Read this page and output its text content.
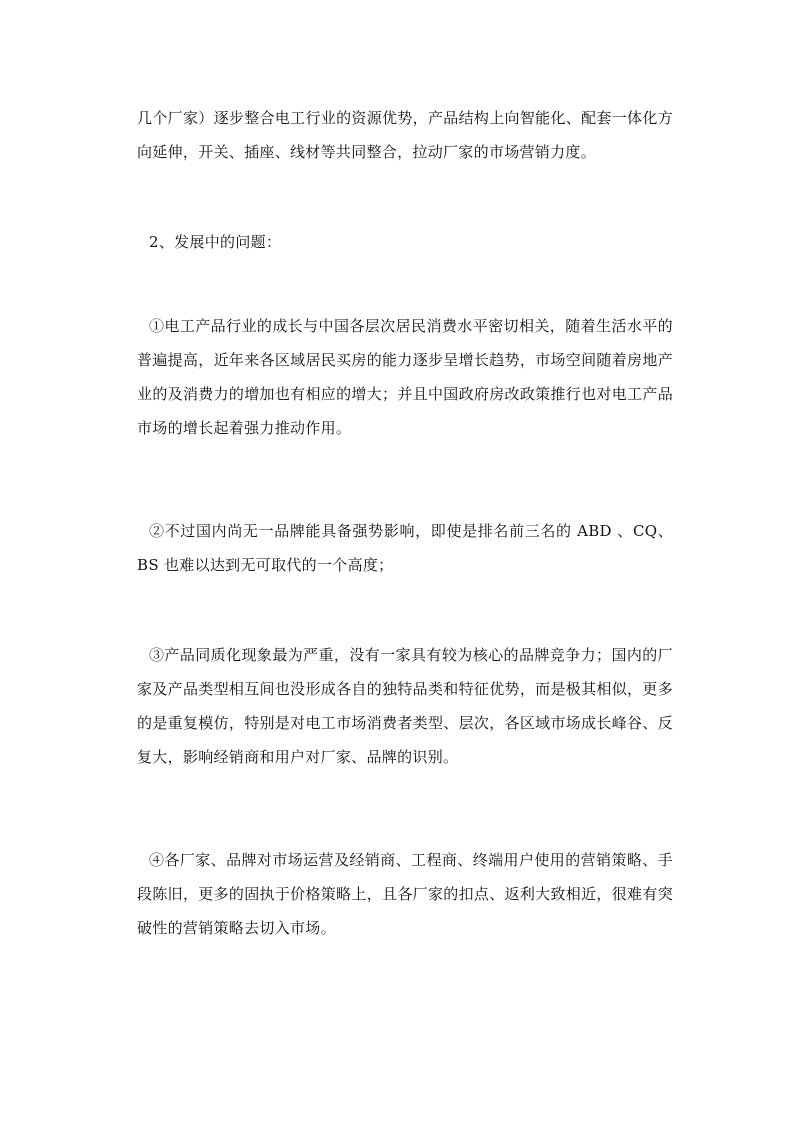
几个厂家）逐步整合电工行业的资源优势，产品结构上向智能化、配套一体化方向延伸，开关、插座、线材等共同整合，拉动厂家的市场营销力度。

2、发展中的问题：

①电工产品行业的成长与中国各层次居民消费水平密切相关，随着生活水平的普遍提高，近年来各区域居民买房的能力逐步呈增长趋势，市场空间随着房地产业的及消费力的增加也有相应的增大；并且中国政府房改政策推行也对电工产品市场的增长起着强力推动作用。

②不过国内尚无一品牌能具备强势影响，即使是排名前三名的 ABD 、CQ、BS 也难以达到无可取代的一个高度；

③产品同质化现象最为严重，没有一家具有较为核心的品牌竞争力；国内的厂家及产品类型相互间也没形成各自的独特品类和特征优势，而是极其相似，更多的是重复模仿，特别是对电工市场消费者类型、层次，各区域市场成长峰谷、反复大，影响经销商和用户对厂家、品牌的识别。

④各厂家、品牌对市场运营及经销商、工程商、终端用户使用的营销策略、手段陈旧，更多的固执于价格策略上，且各厂家的扣点、返利大致相近，很难有突破性的营销策略去切入市场。
